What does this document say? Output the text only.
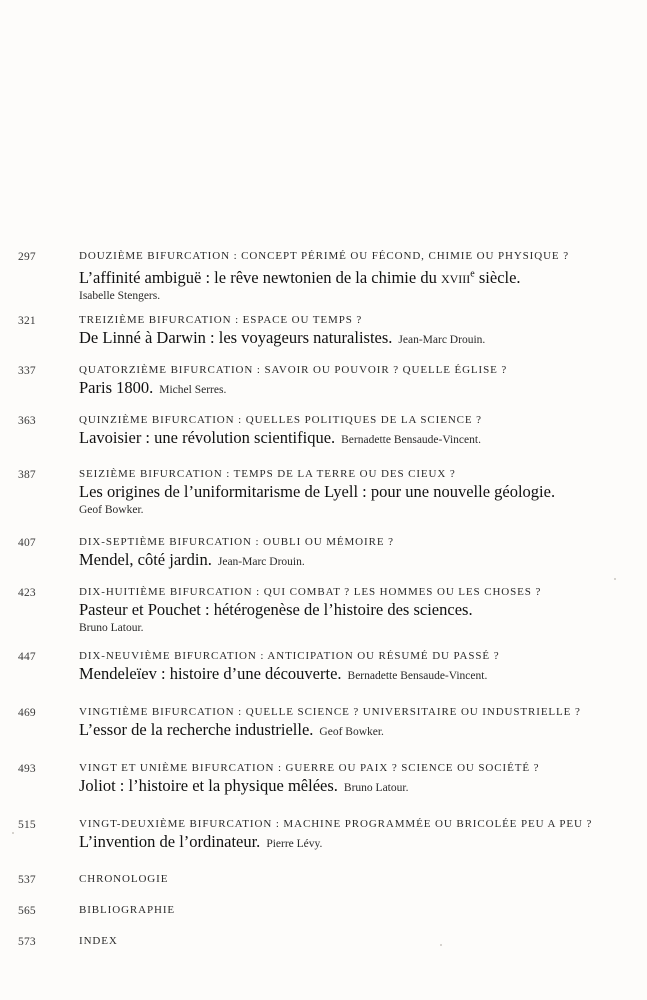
297	DOUZIÈME BIFURCATION : CONCEPT PÉRIMÉ OU FÉCOND, CHIMIE OU PHYSIQUE ?
L’affinité ambiguë : le rêve newtonien de la chimie du xviii$^e$ siècle.
Isabelle Stengers.
321	TREIZIÈME BIFURCATION : ESPACE OU TEMPS ?
De Linné à Darwin : les voyageurs naturalistes. Jean-Marc Drouin.
337	QUATORZIÈME BIFURCATION : SAVOIR OU POUVOIR ? QUELLE ÉGLISE ?
Paris 1800. Michel Serres.
363	QUINZIÈME BIFURCATION : QUELLES POLITIQUES DE LA SCIENCE ?
Lavoisier : une révolution scientifique. Bernadette Bensaude-Vincent.
387	SEIZIÈME BIFURCATION : TEMPS DE LA TERRE OU DES CIEUX ?
Les origines de l’uniformitarisme de Lyell : pour une nouvelle géologie.
Geof Bowker.
407	DIX-SEPTIÈME BIFURCATION : OUBLI OU MÉMOIRE ?
Mendel, côté jardin. Jean-Marc Drouin.
423	DIX-HUITIÈME BIFURCATION : QUI COMBAT ? LES HOMMES OU LES CHOSES ?
Pasteur et Pouchet : hétérogenèse de l’histoire des sciences.
Bruno Latour.
447	DIX-NEUVIÈME BIFURCATION : ANTICIPATION OU RÉSUMÉ DU PASSÉ ?
Mendeleïev : histoire d’une découverte. Bernadette Bensaude-Vincent.
469	VINGTIÈME BIFURCATION : QUELLE SCIENCE ? UNIVERSITAIRE OU INDUSTRIELLE ?
L’essor de la recherche industrielle. Geof Bowker.
493	VINGT ET UNIÈME BIFURCATION : GUERRE OU PAIX ? SCIENCE OU SOCIÉTÉ ?
Joliot : l’histoire et la physique mêlées. Bruno Latour.
515	VINGT-DEUXIÈME BIFURCATION : MACHINE PROGRAMMÉE OU BRICOLÉE PEU A PEU ?
L’invention de l’ordinateur. Pierre Lévy.
537	CHRONOLOGIE
565	BIBLIOGRAPHIE
573	INDEX
